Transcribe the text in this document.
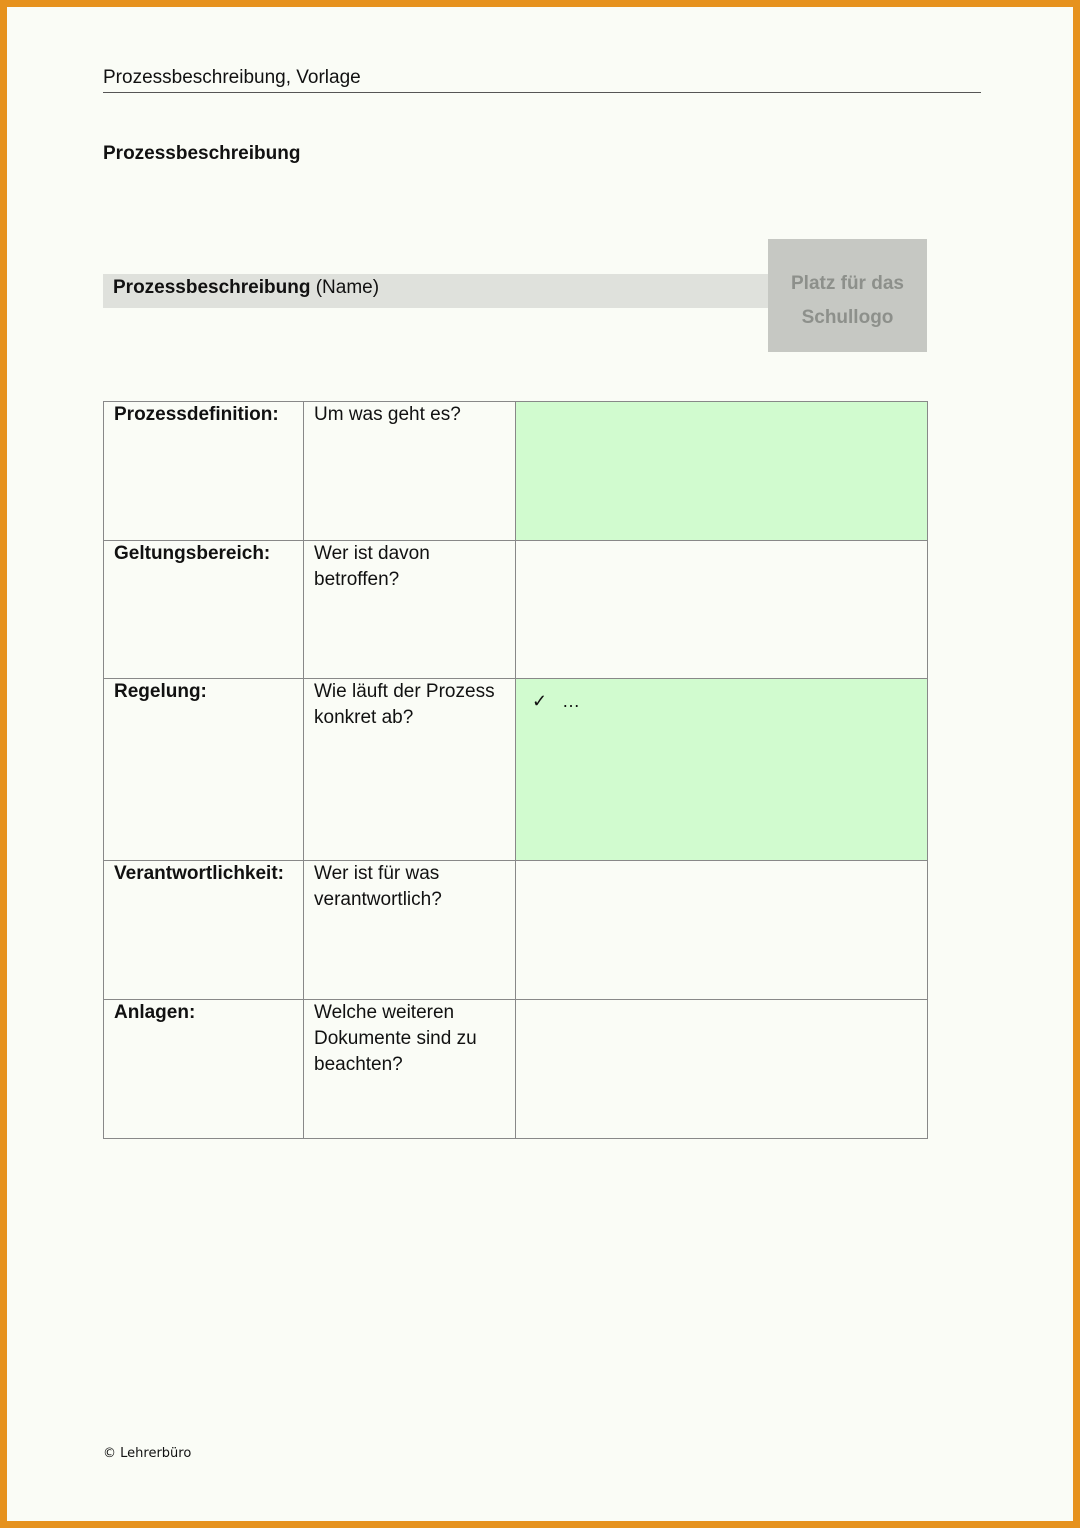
Prozessbeschreibung, Vorlage
Prozessbeschreibung
Prozessbeschreibung (Name)	Platz für das
Schullogo
Prozessdefinition:	Um was geht es?	
Geltungsbereich:	Wer ist davon betroffen?	
Regelung:	Wie läuft der Prozess konkret ab?	✓ …

Verantwortlichkeit:	Wer ist für was verantwortlich?	
Anlagen:	Welche weiteren Dokumente sind zu beachten?	
© Lehrerbüro
